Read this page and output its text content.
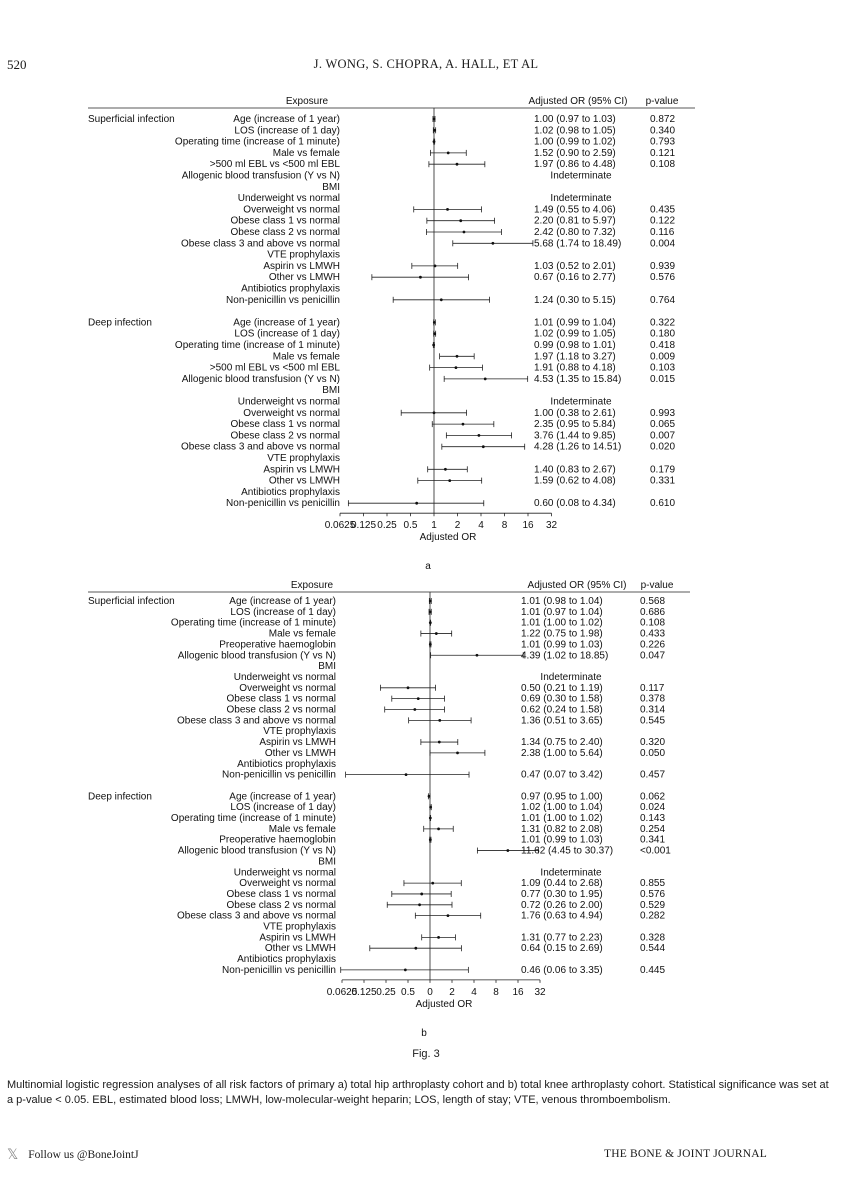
520	J. WONG, S. CHOPRA, A. HALL, ET AL
Exposure	Adjusted OR (95% CI) p-value
Superficial infection	Age (increase of 1 year)	1.00 (0.97 to 1.03)	0.872
LOS (increase of 1 day)	1.02 (0.98 to 1.05)	0.340
Operating time (increase of 1 minute)	1.00 (0.99 to 1.02)	0.793
Male vs female	1.52 (0.90 to 2.59)	0.121
>500 ml EBL vs <500 ml EBL	1.97 (0.86 to 4.48)	0.108
Allogenic blood transfusion (Y vs N)	Indeterminate
BMI
Underweight vs normal	Indeterminate
Overweight vs normal	1.49 (0.55 to 4.06)	0.435
Obese class 1 vs normal	2.20 (0.81 to 5.97)	0.122
Obese class 2 vs normal	2.42 (0.80 to 7.32)	0.116
Obese class 3 and above vs normal	5.68 (1.74 to 18.49)	0.004
VTE prophylaxis
Aspirin vs LMWH	1.03 (0.52 to 2.01)	0.939
Other vs LMWH	0.67 (0.16 to 2.77)	0.576
Antibiotics prophylaxis
Non-penicillin vs penicillin	1.24 (0.30 to 5.15)	0.764
Deep infection	Age (increase of 1 year)	1.01 (0.99 to 1.04)	0.322
LOS (increase of 1 day)	1.02 (0.99 to 1.05)	0.180
Operating time (increase of 1 minute)	0.99 (0.98 to 1.01)	0.418
Male vs female	1.97 (1.18 to 3.27)	0.009
>500 ml EBL vs <500 ml EBL	1.91 (0.88 to 4.18)	0.103
Allogenic blood transfusion (Y vs N)	4.53 (1.35 to 15.84)	0.015
BMI
Underweight vs normal	Indeterminate
Overweight vs normal	1.00 (0.38 to 2.61)	0.993
Obese class 1 vs normal	2.35 (0.95 to 5.84)	0.065
Obese class 2 vs normal	3.76 (1.44 to 9.85)	0.007
Obese class 3 and above vs normal	4.28 (1.26 to 14.51)	0.020
VTE prophylaxis
Aspirin vs LMWH	1.40 (0.83 to 2.67)	0.179
Other vs LMWH	1.59 (0.62 to 4.08)	0.331
Antibiotics prophylaxis
Non-penicillin vs penicillin	0.60 (0.08 to 4.34)	0.610
0.0625
0.125 0.25 0.5 1 2 4 8 16 32
Adjusted OR
a
Exposure	Adjusted OR (95% CI) p-value
Superficial infection	Age (increase of 1 year)	1.01 (0.98 to 1.04)	0.568
LOS (increase of 1 day)	1.01 (0.97 to 1.04)	0.686
Operating time (increase of 1 minute)	1.01 (1.00 to 1.02)	0.108
Male vs female	1.22 (0.75 to 1.98)	0.433
Preoperative haemoglobin	1.01 (0.99 to 1.03)	0.226
Allogenic blood transfusion (Y vs N)	4.39 (1.02 to 18.85)	0.047
BMI
Underweight vs normal	Indeterminate
Overweight vs normal	0.50 (0.21 to 1.19)	0.117
Obese class 1 vs normal	0.69 (0.30 to 1.58)	0.378
Obese class 2 vs normal	0.62 (0.24 to 1.58)	0.314
Obese class 3 and above vs normal	1.36 (0.51 to 3.65)	0.545
VTE prophylaxis
Aspirin vs LMWH	1.34 (0.75 to 2.40)	0.320
Other vs LMWH	2.38 (1.00 to 5.64)	0.050
Antibiotics prophylaxis
Non-penicillin vs penicillin	0.47 (0.07 to 3.42)	0.457
Deep infection	Age (increase of 1 year)	0.97 (0.95 to 1.00)	0.062
LOS (increase of 1 day)	1.02 (1.00 to 1.04)	0.024
Operating time (increase of 1 minute)	1.01 (1.00 to 1.02)	0.143
Male vs female	1.31 (0.82 to 2.08)	0.254
Preoperative haemoglobin	1.01 (0.99 to 1.03)	0.341
Allogenic blood transfusion (Y vs N)	11.62 (4.45 to 30.37)	<0.001
BMI
Underweight vs normal	Indeterminate
Overweight vs normal	1.09 (0.44 to 2.68)	0.855
Obese class 1 vs normal	0.77 (0.30 to 1.95)	0.576
Obese class 2 vs normal	0.72 (0.26 to 2.00)	0.529
Obese class 3 and above vs normal	1.76 (0.63 to 4.94)	0.282
VTE prophylaxis
Aspirin vs LMWH	1.31 (0.77 to 2.23)	0.328
Other vs LMWH	0.64 (0.15 to 2.69)	0.544
Antibiotics prophylaxis
Non-penicillin vs penicillin	0.46 (0.06 to 3.35)	0.445
0.0625
0.125 0.25 0.5 0 2 4 8 16 32
Adjusted OR
b
Fig. 3
Multinomial logistic regression analyses of all risk factors of primary a) total hip arthroplasty cohort and b) total knee arthroplasty cohort. Statistical significance was set at a p-value < 0.05. EBL, estimated blood loss; LMWH, low-molecular-weight heparin; LOS, length of stay; VTE, venous thromboembolism.
𝕏 Follow us @BoneJointJ	THE BONE & JOINT JOURNAL
